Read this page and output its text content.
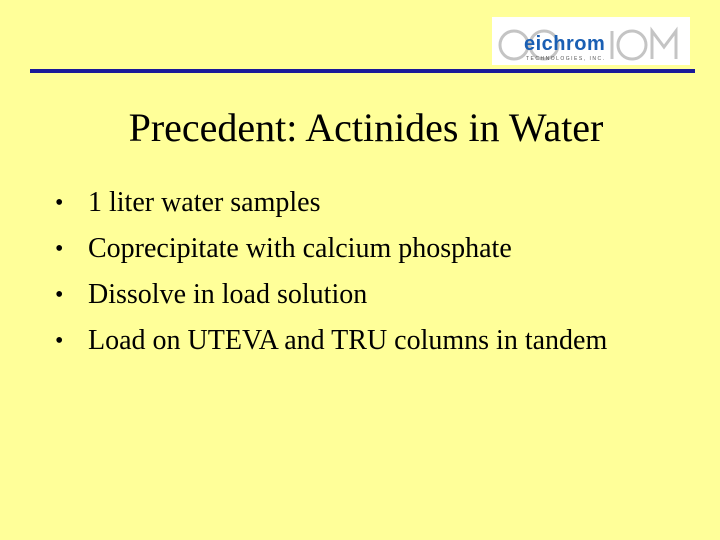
eichrom
TECHNOLOGIES, INC.
Precedent: Actinides in Water
• 1 liter water samples
• Coprecipitate with calcium phosphate
• Dissolve in load solution
• Load on UTEVA and TRU columns in tandem
